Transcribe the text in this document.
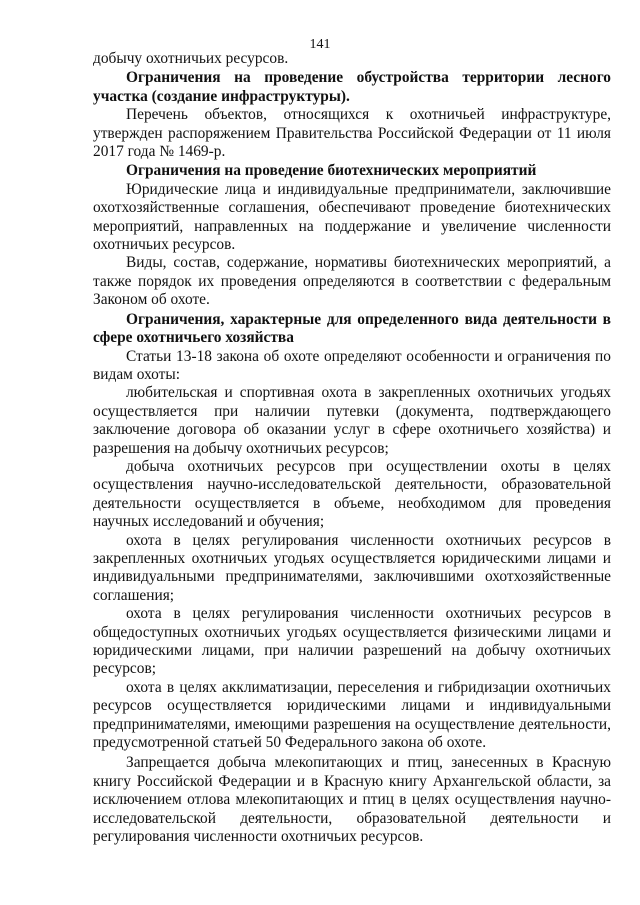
141

добычу охотничьих ресурсов.

Ограничения на проведение обустройства территории лесного участка (создание инфраструктуры).

Перечень объектов, относящихся к охотничьей инфраструктуре, утвержден распоряжением Правительства Российской Федерации от 11 июля 2017 года № 1469-р.

Ограничения на проведение биотехнических мероприятий

Юридические лица и индивидуальные предприниматели, заключившие охотхозяйственные соглашения, обеспечивают проведение биотехнических мероприятий, направленных на поддержание и увеличение численности охотничьих ресурсов.

Виды, состав, содержание, нормативы биотехнических мероприятий, а также порядок их проведения определяются в соответствии с федеральным Законом об охоте.

Ограничения, характерные для определенного вида деятельности в сфере охотничьего хозяйства

Статьи 13-18 закона об охоте определяют особенности и ограничения по видам охоты:

любительская и спортивная охота в закрепленных охотничьих угодьях осуществляется при наличии путевки (документа, подтверждающего заключение договора об оказании услуг в сфере охотничьего хозяйства) и разрешения на добычу охотничьих ресурсов;

добыча охотничьих ресурсов при осуществлении охоты в целях осуществления научно-исследовательской деятельности, образовательной деятельности осуществляется в объеме, необходимом для проведения научных исследований и обучения;

охота в целях регулирования численности охотничьих ресурсов в закрепленных охотничьих угодьях осуществляется юридическими лицами и индивидуальными предпринимателями, заключившими охотхозяйственные соглашения;

охота в целях регулирования численности охотничьих ресурсов в общедоступных охотничьих угодьях осуществляется физическими лицами и юридическими лицами, при наличии разрешений на добычу охотничьих ресурсов;

охота в целях акклиматизации, переселения и гибридизации охотничьих ресурсов осуществляется юридическими лицами и индивидуальными предпринимателями, имеющими разрешения на осуществление деятельности, предусмотренной статьей 50 Федерального закона об охоте.

Запрещается добыча млекопитающих и птиц, занесенных в Красную книгу Российской Федерации и в Красную книгу Архангельской области, за исключением отлова млекопитающих и птиц в целях осуществления научно-исследовательской деятельности, образовательной деятельности и регулирования численности охотничьих ресурсов.
